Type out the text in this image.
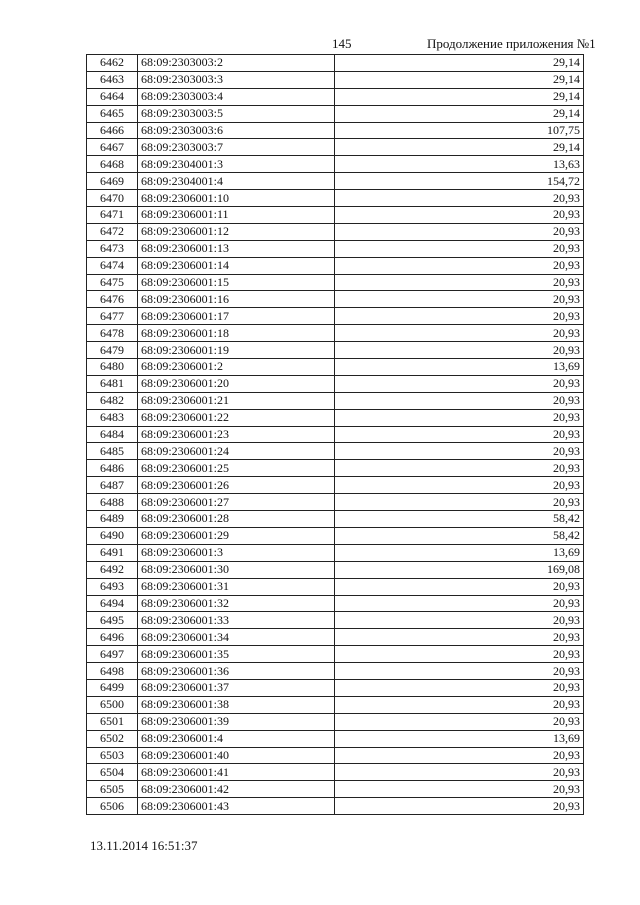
145	Продолжение приложения №1
6462	68:09:2303003:2	29,14
6463	68:09:2303003:3	29,14
6464	68:09:2303003:4	29,14
6465	68:09:2303003:5	29,14
6466	68:09:2303003:6	107,75
6467	68:09:2303003:7	29,14
6468	68:09:2304001:3	13,63
6469	68:09:2304001:4	154,72
6470	68:09:2306001:10	20,93
6471	68:09:2306001:11	20,93
6472	68:09:2306001:12	20,93
6473	68:09:2306001:13	20,93
6474	68:09:2306001:14	20,93
6475	68:09:2306001:15	20,93
6476	68:09:2306001:16	20,93
6477	68:09:2306001:17	20,93
6478	68:09:2306001:18	20,93
6479	68:09:2306001:19	20,93
6480	68:09:2306001:2	13,69
6481	68:09:2306001:20	20,93
6482	68:09:2306001:21	20,93
6483	68:09:2306001:22	20,93
6484	68:09:2306001:23	20,93
6485	68:09:2306001:24	20,93
6486	68:09:2306001:25	20,93
6487	68:09:2306001:26	20,93
6488	68:09:2306001:27	20,93
6489	68:09:2306001:28	58,42
6490	68:09:2306001:29	58,42
6491	68:09:2306001:3	13,69
6492	68:09:2306001:30	169,08
6493	68:09:2306001:31	20,93
6494	68:09:2306001:32	20,93
6495	68:09:2306001:33	20,93
6496	68:09:2306001:34	20,93
6497	68:09:2306001:35	20,93
6498	68:09:2306001:36	20,93
6499	68:09:2306001:37	20,93
6500	68:09:2306001:38	20,93
6501	68:09:2306001:39	20,93
6502	68:09:2306001:4	13,69
6503	68:09:2306001:40	20,93
6504	68:09:2306001:41	20,93
6505	68:09:2306001:42	20,93
6506	68:09:2306001:43	20,93
13.11.2014 16:51:37
